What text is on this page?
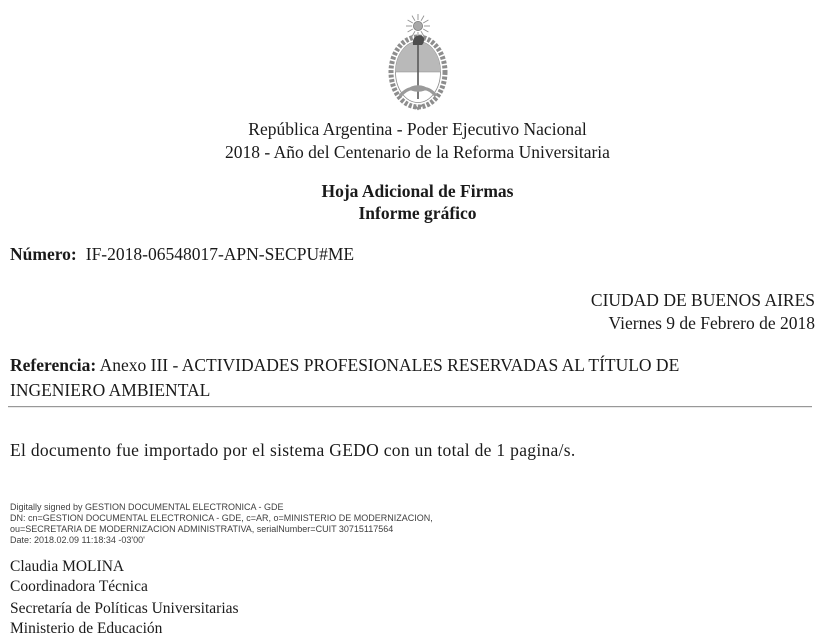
República Argentina - Poder Ejecutivo Nacional
2018 - Año del Centenario de la Reforma Universitaria
Hoja Adicional de Firmas
Informe gráfico
Número: IF-2018-06548017-APN-SECPU#ME
CIUDAD DE BUENOS AIRES
Viernes 9 de Febrero de 2018

Referencia: Anexo III - ACTIVIDADES PROFESIONALES RESERVADAS AL TÍTULO DE INGENIERO AMBIENTAL

El documento fue importado por el sistema GEDO con un total de 1 pagina/s.

Digitally signed by GESTION DOCUMENTAL ELECTRONICA - GDE
DN: cn=GESTION DOCUMENTAL ELECTRONICA - GDE, c=AR, o=MINISTERIO DE MODERNIZACION,
ou=SECRETARIA DE MODERNIZACION ADMINISTRATIVA, serialNumber=CUIT 30715117564
Date: 2018.02.09 11:18:34 -03'00'
Claudia MOLINA
Coordinadora Técnica
Secretaría de Políticas Universitarias
Ministerio de Educación
